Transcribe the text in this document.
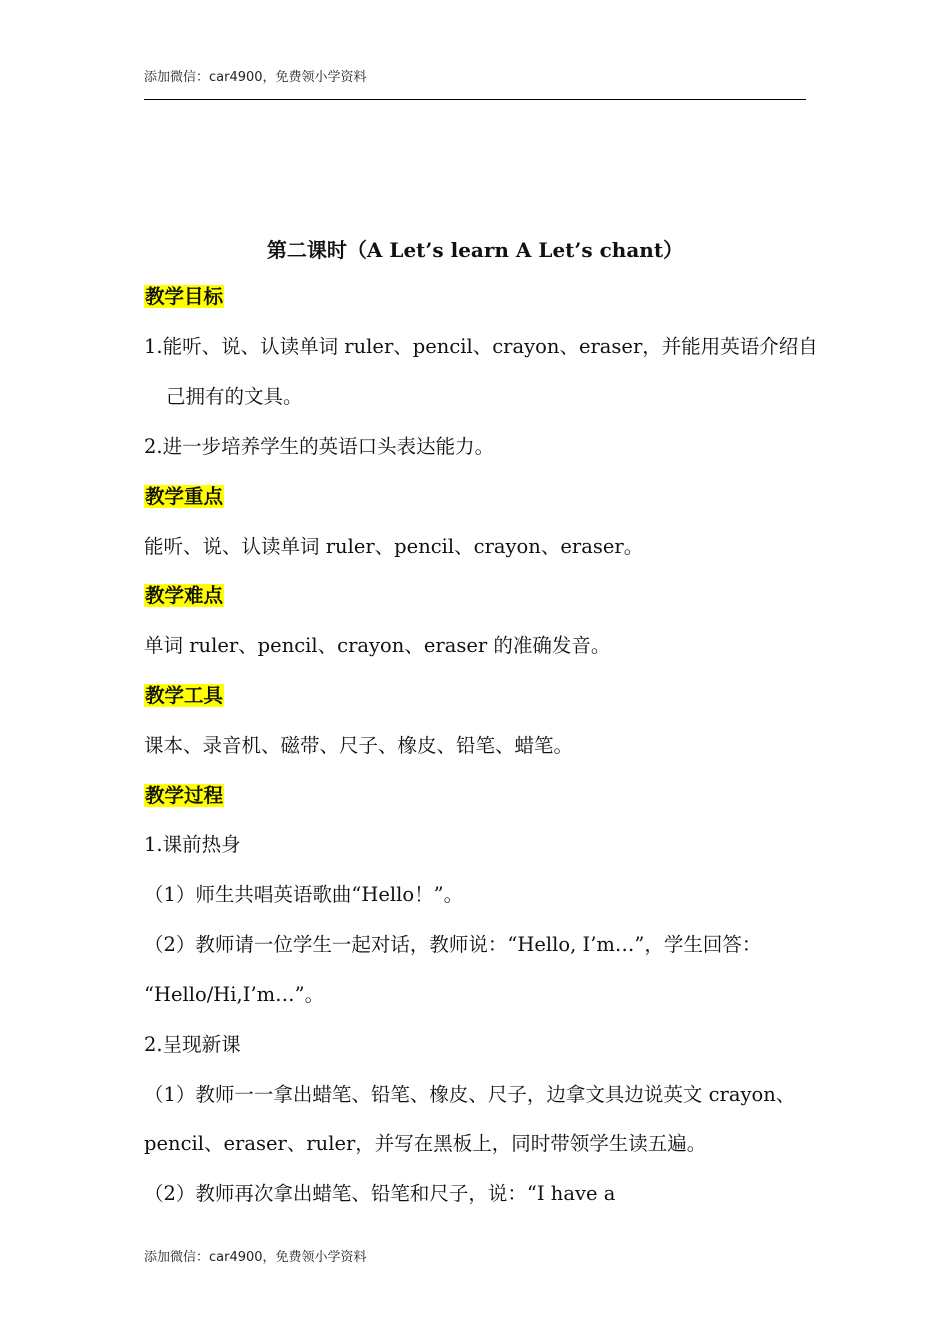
添加微信：car4900，免费领小学资料
第二课时（A Let’s learn A Let’s chant）
教学目标
1.能听、说、认读单词 ruler、pencil、crayon、eraser，并能用英语介绍自
己拥有的文具。
2.进一步培养学生的英语口头表达能力。
教学重点
能听、说、认读单词 ruler、pencil、crayon、eraser。
教学难点
单词 ruler、pencil、crayon、eraser 的准确发音。
教学工具
课本、录音机、磁带、尺子、橡皮、铅笔、蜡笔。
教学过程
1.课前热身
（1）师生共唱英语歌曲“Hello！”。
（2）教师请一位学生一起对话，教师说：“Hello, I’m…”，学生回答：
“Hello/Hi,I’m…”。
2.呈现新课
（1）教师一一拿出蜡笔、铅笔、橡皮、尺子，边拿文具边说英文 crayon、
pencil、eraser、ruler，并写在黑板上，同时带领学生读五遍。
（2）教师再次拿出蜡笔、铅笔和尺子，说：“I have a
添加微信：car4900，免费领小学资料
